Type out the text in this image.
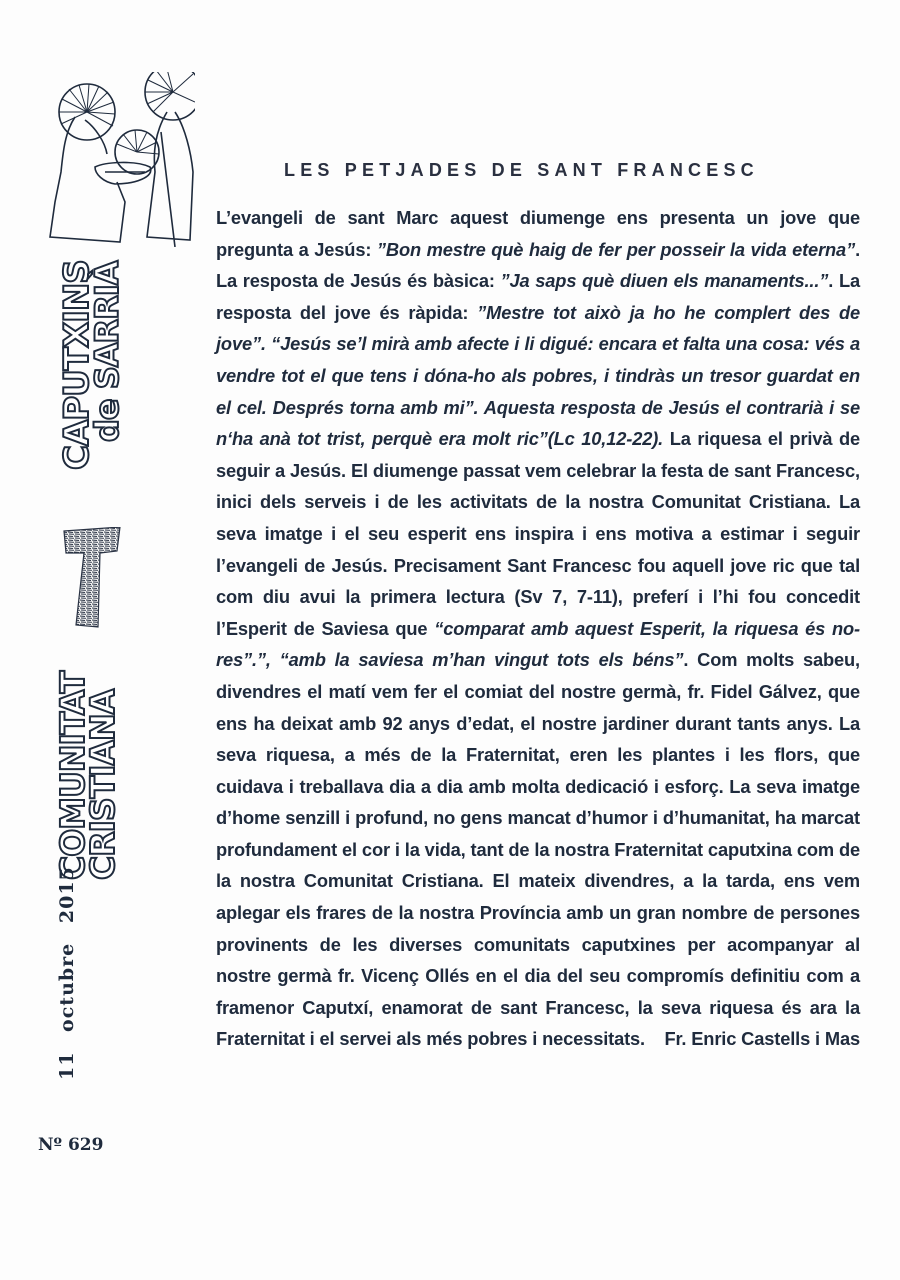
CAPUTXINS
de SARRIÀ
COMUNITAT
CRISTIANA
11 octubre 2015
Nº 629
LES PETJADES DE SANT FRANCESC

L’evangeli de sant Marc aquest diumenge ens presenta un jove que pregunta a Jesús: ”Bon mestre què haig de fer per posseir la vida eterna”. La resposta de Jesús és bàsica: ”Ja saps què diuen els manaments...”. La resposta del jove és ràpida: ”Mestre tot això ja ho he complert des de jove”. “Jesús se’l mirà amb afecte i li digué: encara et falta una cosa: vés a vendre tot el que tens i dóna-ho als pobres, i tindràs un tresor guardat en el cel. Després torna amb mi”. Aquesta resposta de Jesús el contrarià i se n‘ha anà tot trist, perquè era molt ric”(Lc 10,12-22). La riquesa el privà de seguir a Jesús. El diumenge passat vem celebrar la festa de sant Francesc, inici dels serveis i de les activitats de la nostra Comunitat Cristiana. La seva imatge i el seu esperit ens inspira i ens motiva a estimar i seguir l’evangeli de Jesús. Precisament Sant Francesc fou aquell jove ric que tal com diu avui la primera lectura (Sv 7, 7-11), preferí i l’hi fou concedit l’Esperit de Saviesa que “comparat amb aquest Esperit, la riquesa és no-res”.”, “amb la saviesa m’han vingut tots els béns”. Com molts sabeu, divendres el matí vem fer el comiat del nostre germà, fr. Fidel Gálvez, que ens ha deixat amb 92 anys d’edat, el nostre jardiner durant tants anys. La seva riquesa, a més de la Fraternitat, eren les plantes i les flors, que cuidava i treballava dia a dia amb molta dedicació i esforç. La seva imatge d’home senzill i profund, no gens mancat d’humor i d’humanitat, ha marcat profundament el cor i la vida, tant de la nostra Fraternitat caputxina com de la nostra Comunitat Cristiana. El mateix divendres, a la tarda, ens vem aplegar els frares de la nostra Província amb un gran nombre de persones provinents de les diverses comunitats caputxines per acompanyar al nostre germà fr. Vicenç Ollés en el dia del seu compromís definitiu com a framenor Caputxí, enamorat de sant Francesc, la seva riquesa és ara la Fraternitat i el servei als més pobres i necessitats. Fr. Enric Castells i Mas
